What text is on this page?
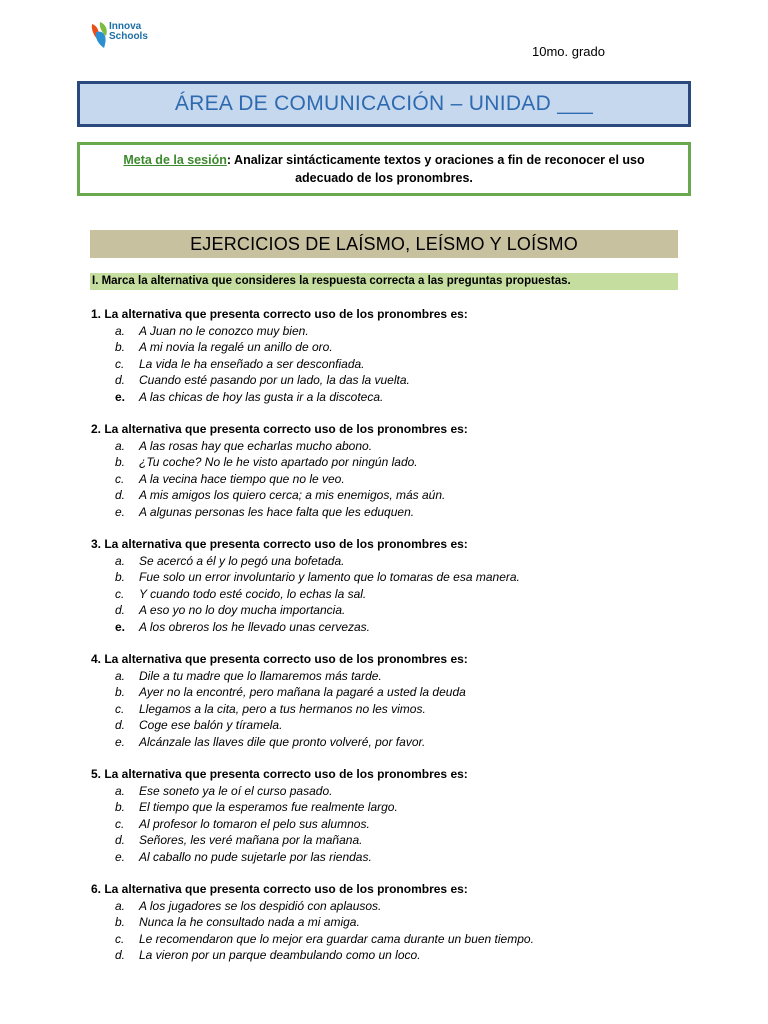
Innova
Schools
10mo. grado
ÁREA DE COMUNICACIÓN – UNIDAD ___
Meta de la sesión: Analizar sintácticamente textos y oraciones a fin de reconocer el uso adecuado de los pronombres.
EJERCICIOS DE LAÍSMO, LEÍSMO Y LOÍSMO
I. Marca la alternativa que consideres la respuesta correcta a las preguntas propuestas.
1. La alternativa que presenta correcto uso de los pronombres es:
a.	A Juan no le conozco muy bien.
b.	A mi novia la regalé un anillo de oro.
c.	La vida le ha enseñado a ser desconfiada.
d.	Cuando esté pasando por un lado, la das la vuelta.
e.	A las chicas de hoy las gusta ir a la discoteca.
2. La alternativa que presenta correcto uso de los pronombres es:
a.	A las rosas hay que echarlas mucho abono.
b.	¿Tu coche? No le he visto apartado por ningún lado.
c.	A la vecina hace tiempo que no le veo.
d.	A mis amigos los quiero cerca; a mis enemigos, más aún.
e.	A algunas personas les hace falta que les eduquen.
3. La alternativa que presenta correcto uso de los pronombres es:
a.	Se acercó a él y lo pegó una bofetada.
b.	Fue solo un error involuntario y lamento que lo tomaras de esa manera.
c.	Y cuando todo esté cocido, lo echas la sal.
d.	A eso yo no lo doy mucha importancia.
e.	A los obreros los he llevado unas cervezas.
4. La alternativa que presenta correcto uso de los pronombres es:
a.	Dile a tu madre que lo llamaremos más tarde.
b.	Ayer no la encontré, pero mañana la pagaré a usted la deuda
c.	Llegamos a la cita, pero a tus hermanos no les vimos.
d.	Coge ese balón y tíramela.
e.	Alcánzale las llaves dile que pronto volveré, por favor.
5. La alternativa que presenta correcto uso de los pronombres es:
a.	Ese soneto ya le oí el curso pasado.
b.	El tiempo que la esperamos fue realmente largo.
c.	Al profesor lo tomaron el pelo sus alumnos.
d.	Señores, les veré mañana por la mañana.
e.	Al caballo no pude sujetarle por las riendas.
6. La alternativa que presenta correcto uso de los pronombres es:
a.	A los jugadores se los despidió con aplausos.
b.	Nunca la he consultado nada a mi amiga.
c.	Le recomendaron que lo mejor era guardar cama durante un buen tiempo.
d.	La vieron por un parque deambulando como un loco.
